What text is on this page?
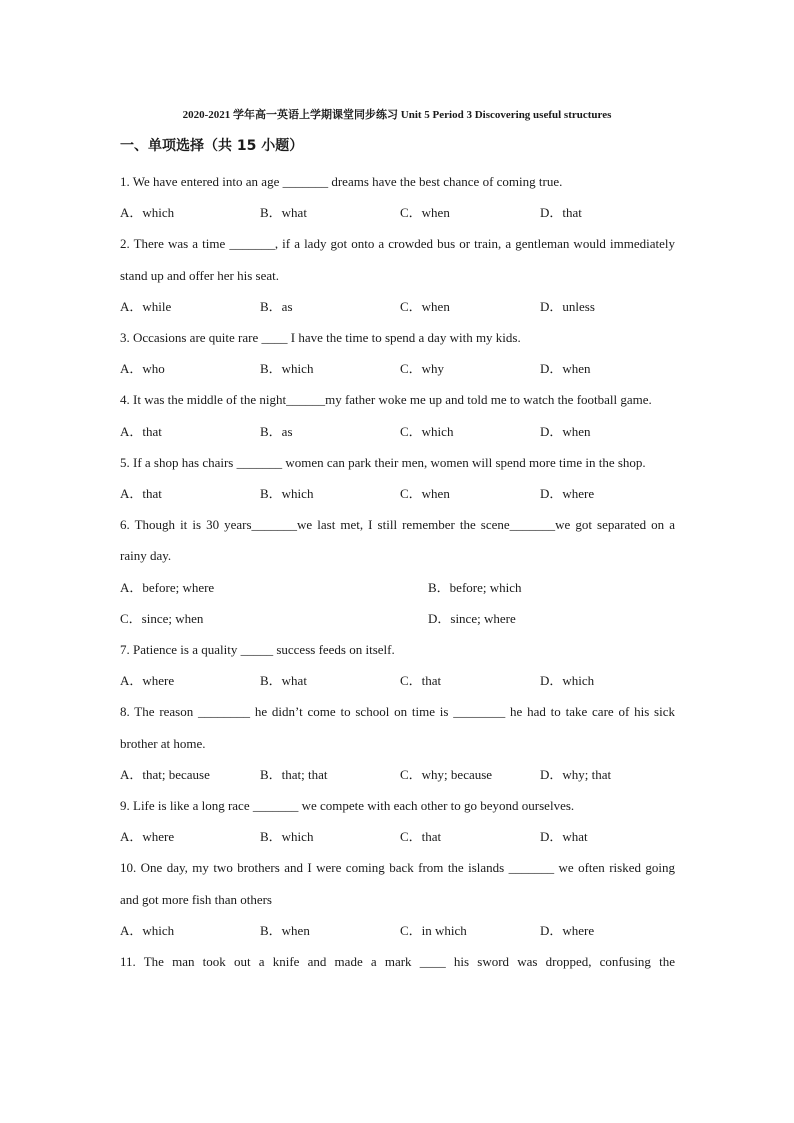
2020-2021 学年高一英语上学期课堂同步练习 Unit 5 Period 3 Discovering useful structures
一、单项选择（共 15 小题）

1. We have entered into an age _______ dreams have the best chance of coming true.

A．which	B．what	C．when	D．that

2. There was a time _______, if a lady got onto a crowded bus or train, a gentleman would immediately stand up and offer her his seat.

A．while	B．as	C．when	D．unless

3. Occasions are quite rare ____ I have the time to spend a day with my kids.

A．who	B．which	C．why	D．when

4. It was the middle of the night______my father woke me up and told me to watch the football game.

A．that	B．as	C．which	D．when

5. If a shop has chairs _______ women can park their men, women will spend more time in the shop.

A．that	B．which	C．when	D．where

6. Though it is 30 years_______we last met, I still remember the scene_______we got separated on a rainy day.

A．before; where	B．before; which
C．since; when	D．since; where

7. Patience is a quality _____ success feeds on itself.

A．where	B．what	C．that	D．which

8. The reason ________ he didn’t come to school on time is ________ he had to take care of his sick brother at home.

A．that; because	B．that; that	C．why; because	D．why; that

9. Life is like a long race _______ we compete with each other to go beyond ourselves.

A．where	B．which	C．that	D．what

10. One day, my two brothers and I were coming back from the islands _______ we often risked going and got more fish than others

A．which	B．when	C．in which	D．where

11. The man took out a knife and made a mark ____ his sword was dropped, confusing the
